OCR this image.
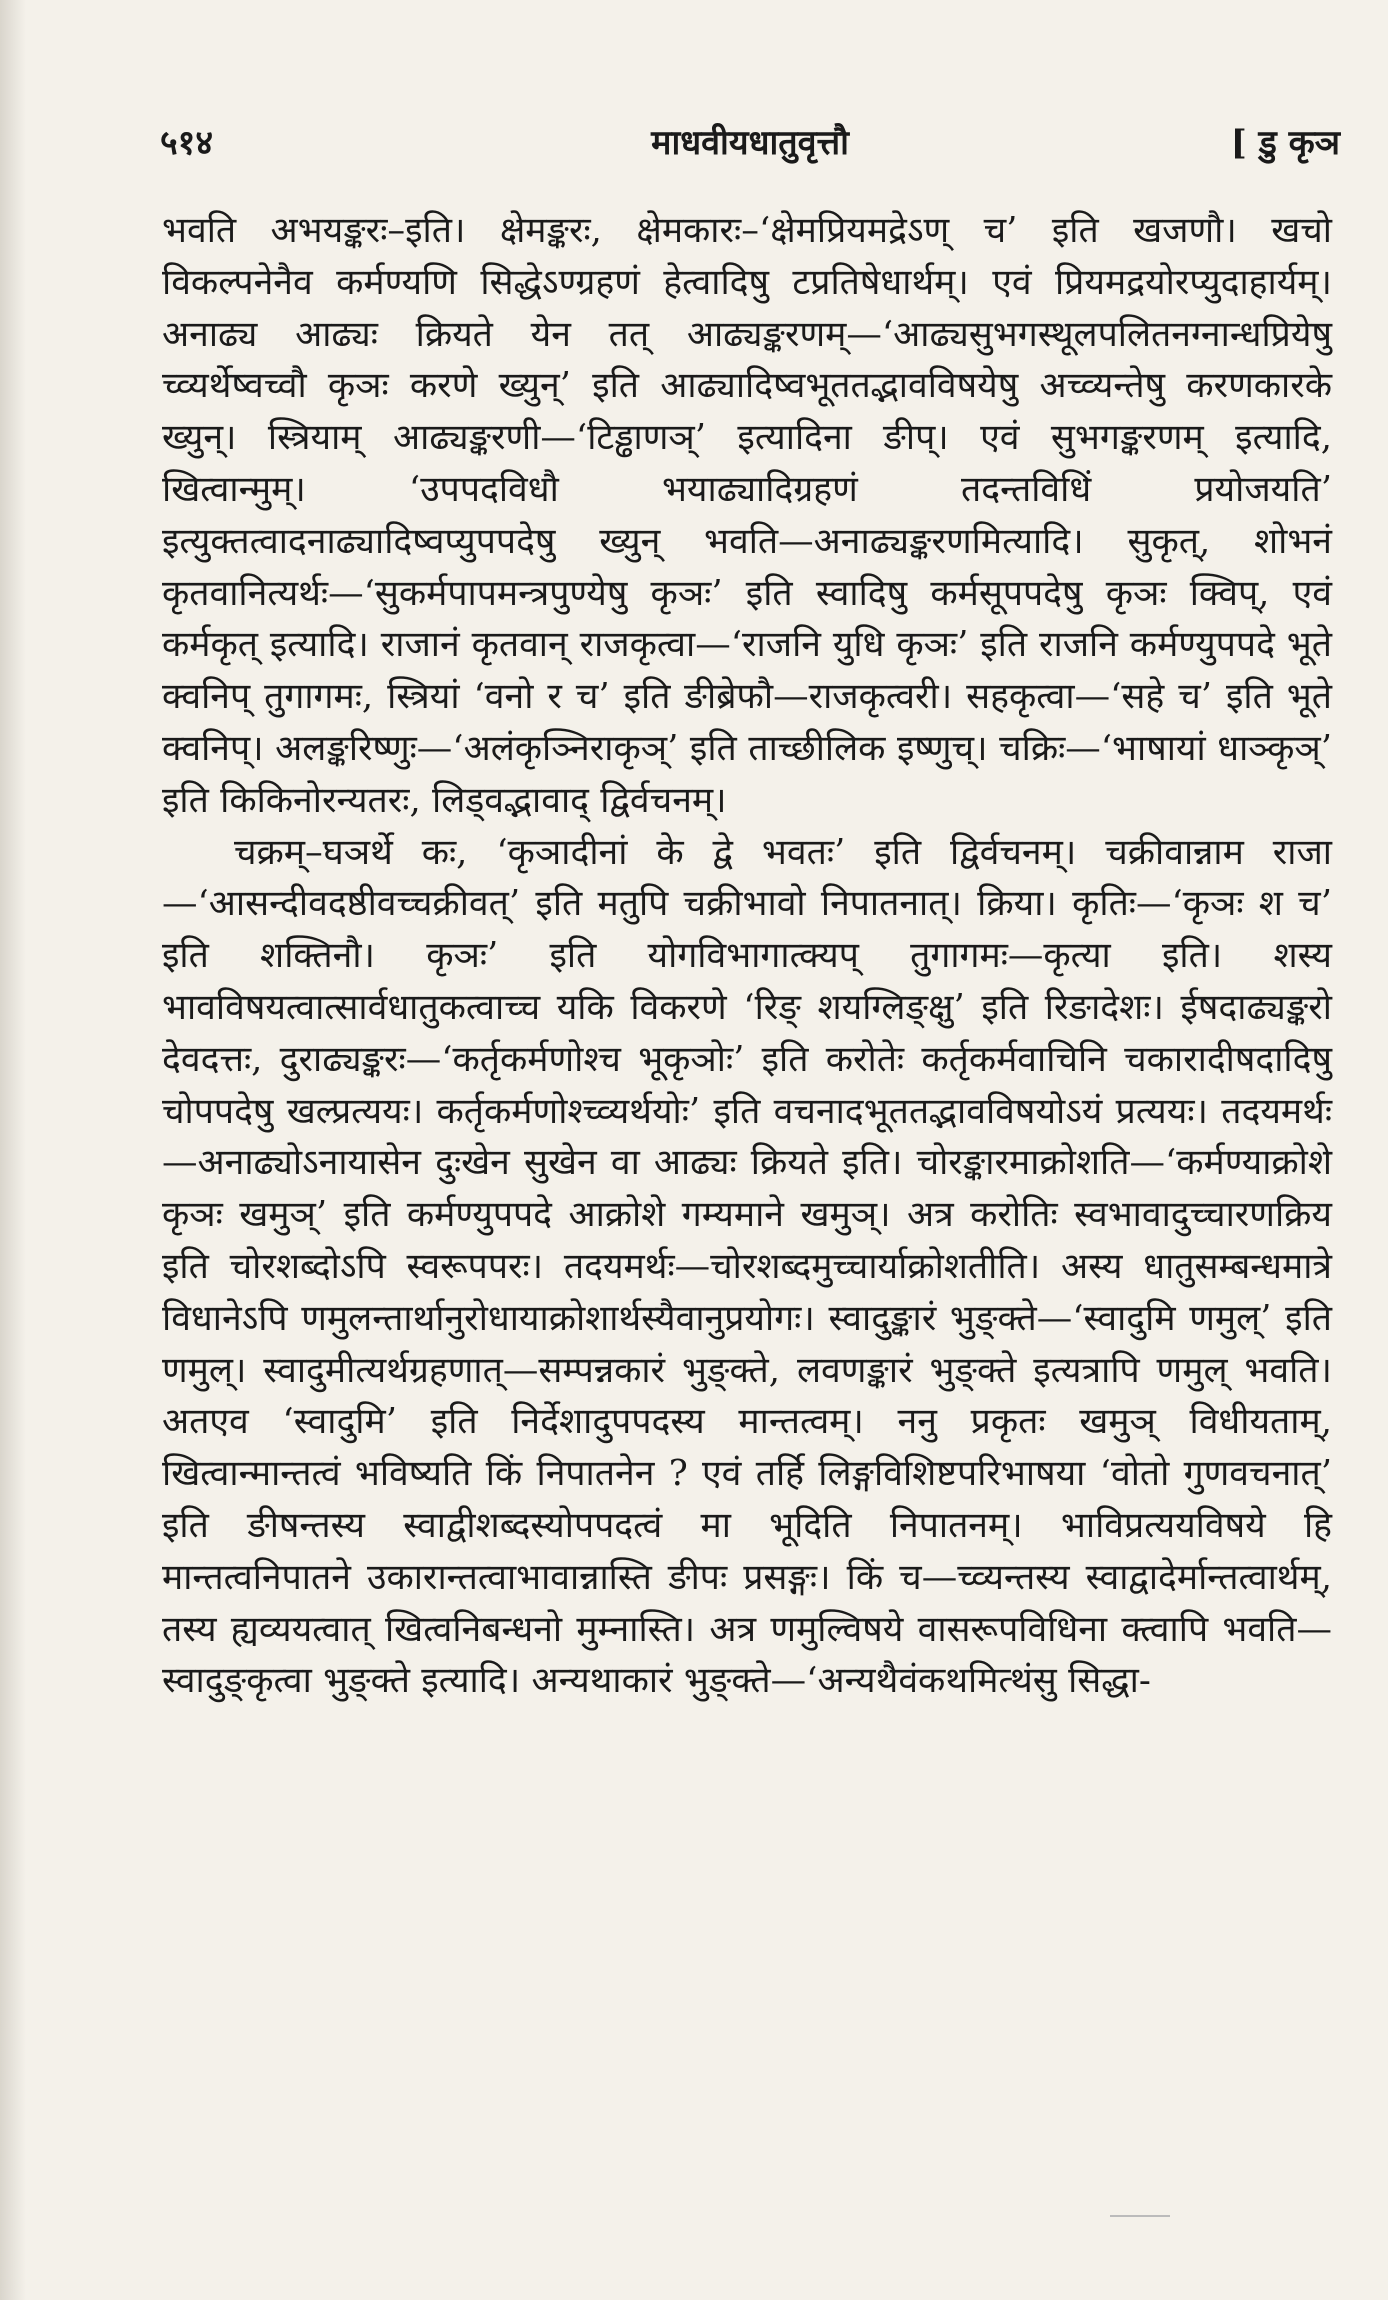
५१४	माधवीयधातुवृत्तौ	[ डु कृञ

भवति अभयङ्करः–इति। क्षेमङ्करः, क्षेमकारः–‘क्षेमप्रियमद्रेऽण् च’ इति खजणौ। खचो विकल्पनेनैव कर्मण्यणि सिद्धेऽण्ग्रहणं हेत्वादिषु टप्रतिषेधार्थम्। एवं प्रियमद्रयोरप्युदाहार्यम्। अनाढ्य आढ्यः क्रियते येन तत् आढ्यङ्करणम्—‘आढ्यसुभगस्थूलपलितनग्नान्धप्रियेषु च्व्यर्थेष्वच्वौ कृञः करणे ख्युन्’ इति आढ्यादिष्वभूततद्भावविषयेषु अच्व्यन्तेषु करणकारके ख्युन्। स्त्रियाम् आढ्यङ्करणी—‘टिड्ढाणञ्’ इत्यादिना ङीप्। एवं सुभगङ्करणम् इत्यादि, खित्वान्मुम्। ‘उपपदविधौ भयाढ्यादिग्रहणं तदन्तविधिं प्रयोजयति’ इत्युक्तत्वादनाढ्यादिष्वप्युपपदेषु ख्युन् भवति—अनाढ्यङ्करणमित्यादि। सुकृत्, शोभनं कृतवानित्यर्थः—‘सुकर्मपापमन्त्रपुण्येषु कृञः’ इति स्वादिषु कर्मसूपपदेषु कृञः क्विप्, एवं कर्मकृत् इत्यादि। राजानं कृतवान् राजकृत्वा—‘राजनि युधि कृञः’ इति राजनि कर्मण्युपपदे भूते क्वनिप् तुगागमः, स्त्रियां ‘वनो र च’ इति ङीब्रेफौ—राजकृत्वरी। सहकृत्वा—‘सहे च’ इति भूते क्वनिप्। अलङ्करिष्णुः—‘अलंकृञ्निराकृञ्’ इति ताच्छीलिक इष्णुच्। चक्रिः—‘भाषायां धाञ्कृञ्’ इति किकिनोरन्यतरः, लिड्वद्भावाद् द्विर्वचनम्।

चक्रम्–घञर्थे कः, ‘कृञादीनां के द्वे भवतः’ इति द्विर्वचनम्। चक्रीवान्नाम राजा—‘आसन्दीवदष्ठीवच्चक्रीवत्’ इति मतुपि चक्रीभावो निपातनात्। क्रिया। कृतिः—‘कृञः श च’ इति शक्तिनौ। कृञः’ इति योगविभागात्क्यप् तुगागमः—कृत्या इति। शस्य भावविषयत्वात्सार्वधातुकत्वाच्च यकि विकरणे ‘रिङ् शयग्लिङ्क्षु’ इति रिङादेशः। ईषदाढ्यङ्करो देवदत्तः, दुराढ्यङ्करः—‘कर्तृकर्मणोश्च भूकृञोः’ इति करोतेः कर्तृकर्मवाचिनि चकारादीषदादिषु चोपपदेषु खल्प्रत्ययः। कर्तृकर्मणोश्च्व्यर्थयोः’ इति वचनादभूततद्भावविषयोऽयं प्रत्ययः। तदयमर्थः—अनाढ्योऽनायासेन दुःखेन सुखेन वा आढ्यः क्रियते इति। चोरङ्कारमाक्रोशति—‘कर्मण्याक्रोशे कृञः खमुञ्’ इति कर्मण्युपपदे आक्रोशे गम्यमाने खमुञ्। अत्र करोतिः स्वभावादुच्चारणक्रिय इति चोरशब्दोऽपि स्वरूपपरः। तदयमर्थः—चोरशब्दमुच्चार्याक्रोशतीति। अस्य धातुसम्बन्धमात्रे विधानेऽपि णमुलन्तार्थानुरोधायाक्रोशार्थस्यैवानुप्रयोगः। स्वादुङ्कारं भुङ्क्ते—‘स्वादुमि णमुल्’ इति णमुल्। स्वादुमीत्यर्थग्रहणात्—सम्पन्नकारं भुङ्क्ते, लवणङ्कारं भुङ्क्ते इत्यत्रापि णमुल् भवति। अतएव ‘स्वादुमि’ इति निर्देशादुपपदस्य मान्तत्वम्। ननु प्रकृतः खमुञ् विधीयताम्, खित्वान्मान्तत्वं भविष्यति किं निपातनेन ? एवं तर्हि लिङ्गविशिष्टपरिभाषया ‘वोतो गुणवचनात्’ इति ङीषन्तस्य स्वाद्वीशब्दस्योपपदत्वं मा भूदिति निपातनम्। भाविप्रत्ययविषये हि मान्तत्वनिपातने उकारान्तत्वाभावान्नास्ति ङीपः प्रसङ्गः। किं च—च्व्यन्तस्य स्वाद्वादेर्मान्तत्वार्थम्, तस्य ह्यव्ययत्वात् खित्वनिबन्धनो मुम्नास्ति। अत्र णमुल्विषये वासरूपविधिना क्त्वापि भवति—स्वादुङ्कृत्वा भुङ्क्ते इत्यादि। अन्यथाकारं भुङ्क्ते—‘अन्यथैवंकथमित्थंसु सिद्धा-
